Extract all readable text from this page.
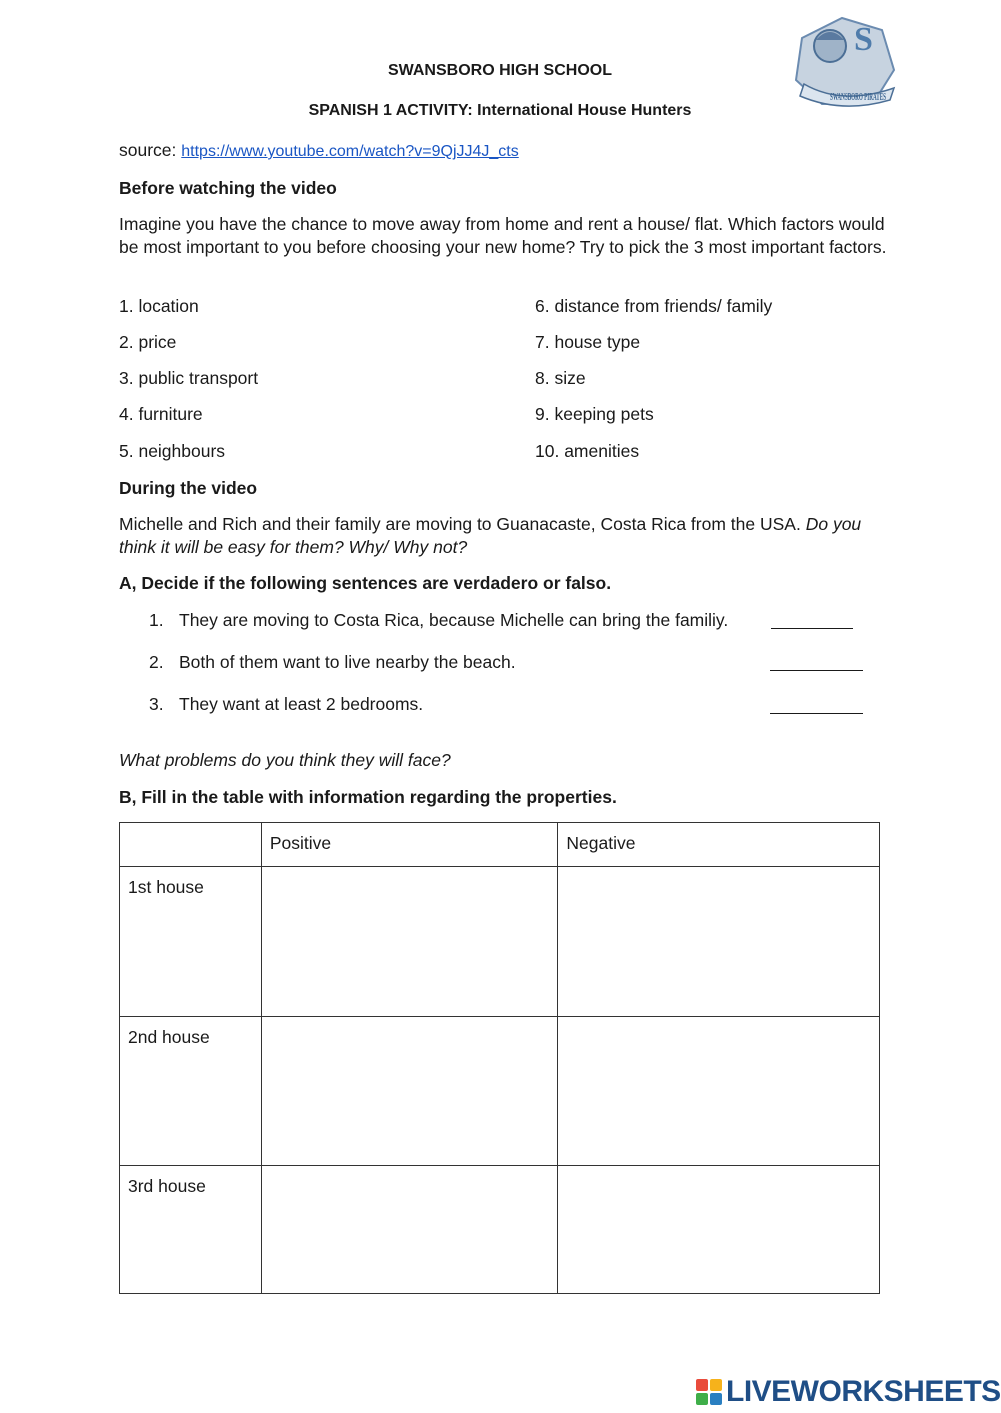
S
SWANSBORO PIRATES
SWANSBORO HIGH SCHOOL
SPANISH 1 ACTIVITY: International House Hunters
source: https://www.youtube.com/watch?v=9QjJJ4J_cts
Before watching the video
Imagine you have the chance to move away from home and rent a house/ flat. Which factors would be most important to you before choosing your new home? Try to pick the 3 most important factors.
1. location
2. price
3. public transport
4. furniture
5. neighbours
6. distance from friends/ family
7. house type
8. size
9. keeping pets
10. amenities
During the video
Michelle and Rich and their family are moving to Guanacaste, Costa Rica from the USA. Do you think it will be easy for them? Why/ Why not?
A, Decide if the following sentences are verdadero or falso.
1. They are moving to Costa Rica, because Michelle can bring the familiy.
2. Both of them want to live nearby the beach.
3. They want at least 2 bedrooms.
What problems do you think they will face?
B, Fill in the table with information regarding the properties.
	Positive	Negative
1st house		
2nd house		
3rd house		
LIVEWORKSHEETS
